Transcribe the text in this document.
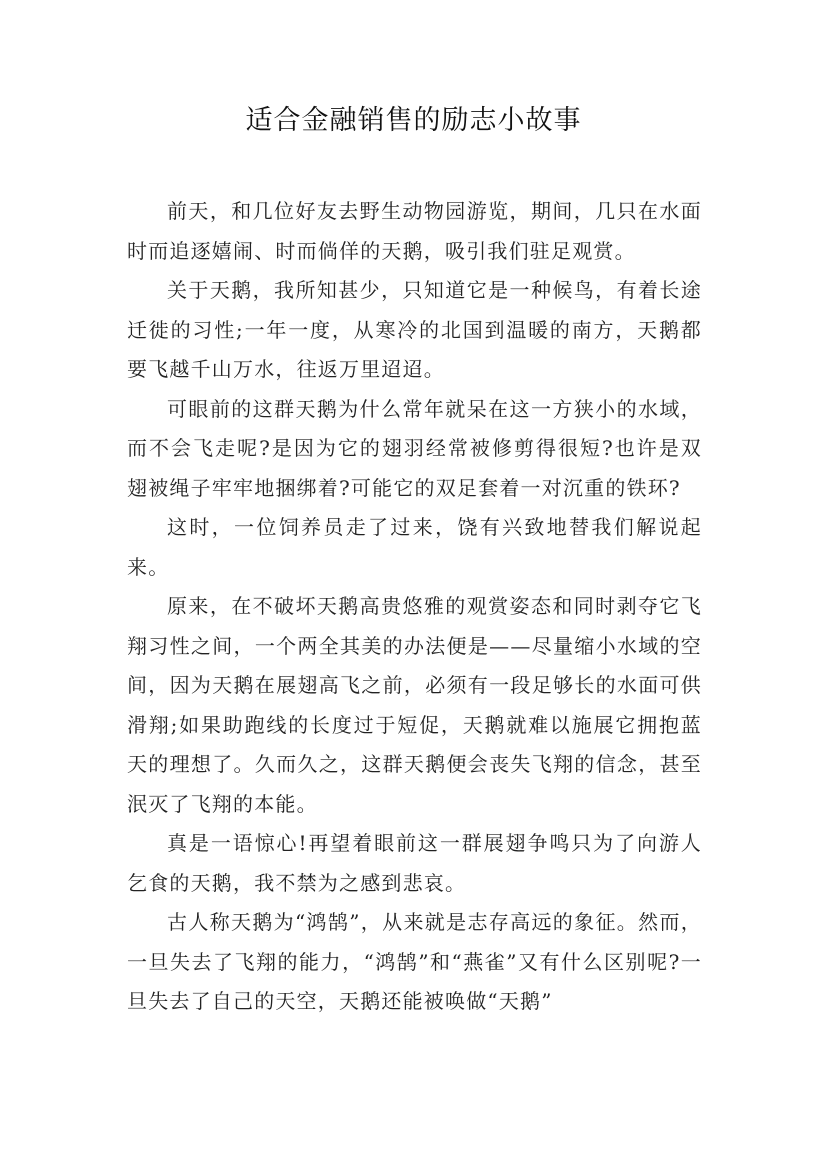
适合金融销售的励志小故事

前天，和几位好友去野生动物园游览，期间，几只在水面时而追逐嬉闹、时而倘佯的天鹅，吸引我们驻足观赏。

关于天鹅，我所知甚少，只知道它是一种候鸟，有着长途迁徙的习性;一年一度，从寒冷的北国到温暖的南方，天鹅都要飞越千山万水，往返万里迢迢。

可眼前的这群天鹅为什么常年就呆在这一方狭小的水域，而不会飞走呢?是因为它的翅羽经常被修剪得很短?也许是双翅被绳子牢牢地捆绑着?可能它的双足套着一对沉重的铁环?

这时，一位饲养员走了过来，饶有兴致地替我们解说起来。

原来，在不破坏天鹅高贵悠雅的观赏姿态和同时剥夺它飞翔习性之间，一个两全其美的办法便是——尽量缩小水域的空间，因为天鹅在展翅高飞之前，必须有一段足够长的水面可供滑翔;如果助跑线的长度过于短促，天鹅就难以施展它拥抱蓝天的理想了。久而久之，这群天鹅便会丧失飞翔的信念，甚至泯灭了飞翔的本能。

真是一语惊心!再望着眼前这一群展翅争鸣只为了向游人乞食的天鹅，我不禁为之感到悲哀。

古人称天鹅为“鸿鹄”，从来就是志存高远的象征。然而，一旦失去了飞翔的能力，“鸿鹄”和“燕雀”又有什么区别呢?一旦失去了自己的天空，天鹅还能被唤做“天鹅”
